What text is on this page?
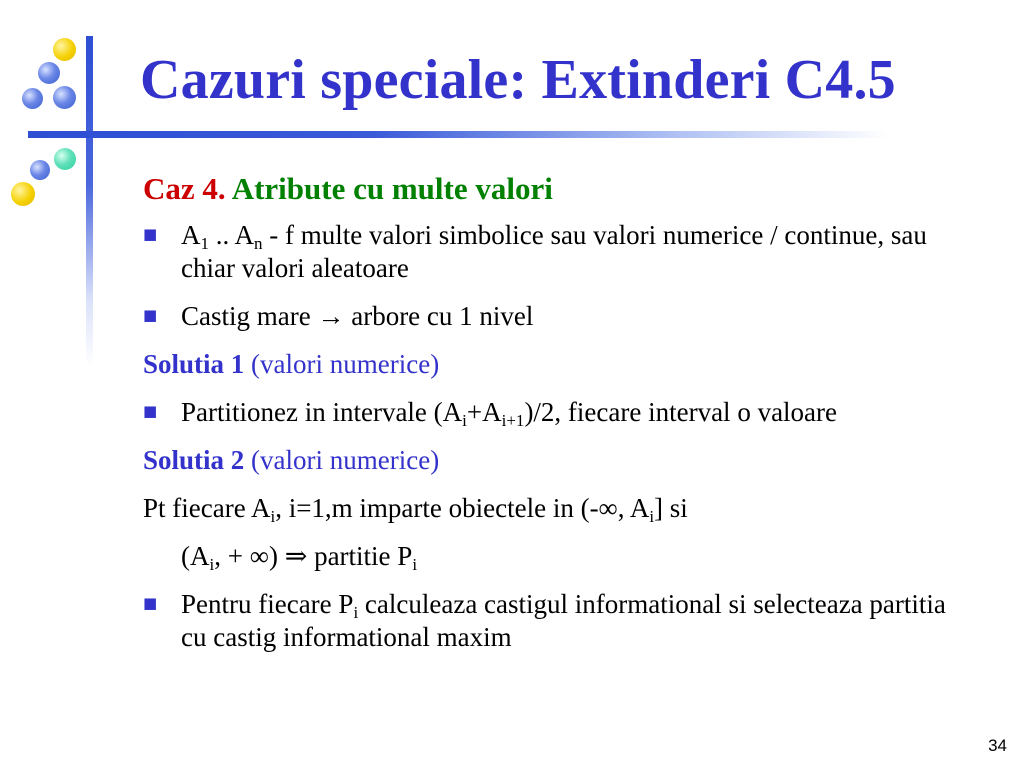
Cazuri speciale: Extinderi C4.5
Caz 4. Atribute cu multe valori
■ $A_1$ .. $A_n$ - f multe valori simbolice sau valori numerice / continue, sau chiar valori aleatoare
■ Castig mare → arbore cu 1 nivel
Solutia 1 (valori numerice)
■ Partitionez in intervale $(A_i+A_{i+1})/2$, fiecare interval o valoare
Solutia 2 (valori numerice)
Pt fiecare $A_i$, i=1,m imparte obiectele in (-∞, $A_i$] si
($A_i$, + ∞) ⇒ partitie $P_i$
■ Pentru fiecare $P_i$ calculeaza castigul informational si selecteaza partitia cu castig informational maxim
34
